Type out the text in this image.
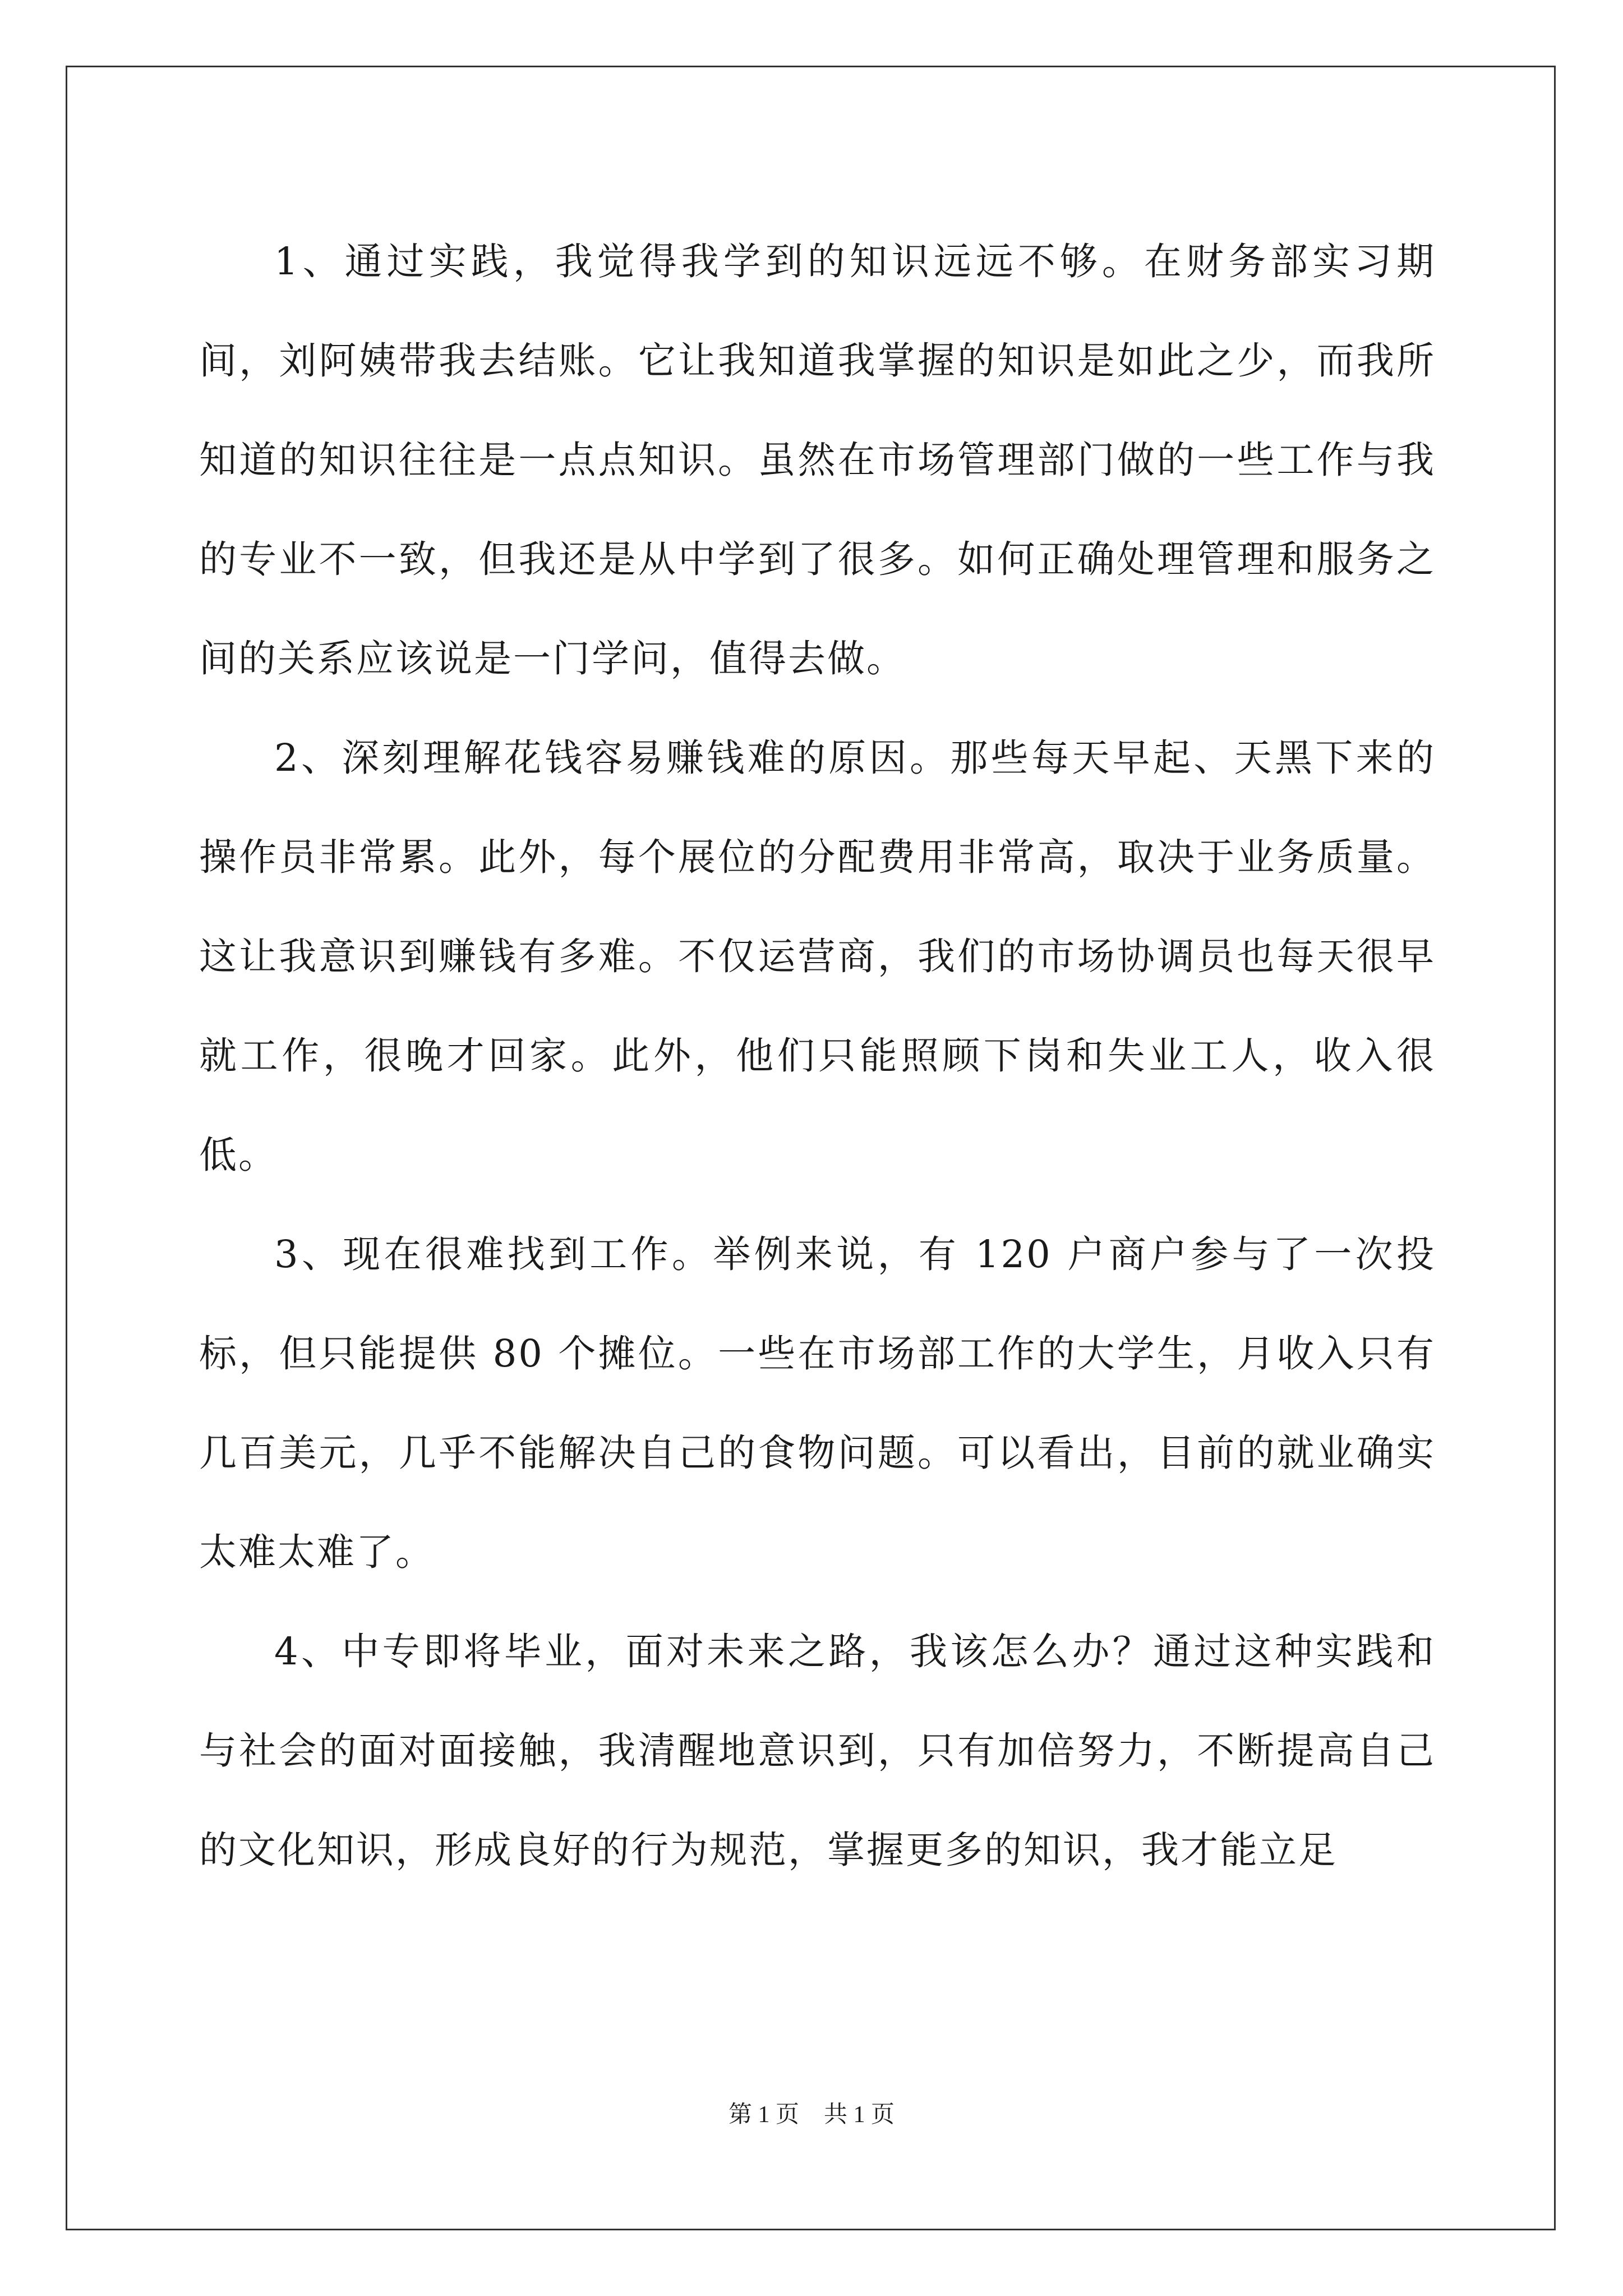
1、通过实践，我觉得我学到的知识远远不够。在财务部实习期间，刘阿姨带我去结账。它让我知道我掌握的知识是如此之少，而我所知道的知识往往是一点点知识。虽然在市场管理部门做的一些工作与我的专业不一致，但我还是从中学到了很多。如何正确处理管理和服务之间的关系应该说是一门学问，值得去做。

2、深刻理解花钱容易赚钱难的原因。那些每天早起、天黑下来的操作员非常累。此外，每个展位的分配费用非常高，取决于业务质量。这让我意识到赚钱有多难。不仅运营商，我们的市场协调员也每天很早就工作，很晚才回家。此外，他们只能照顾下岗和失业工人，收入很低。

3、现在很难找到工作。举例来说，有 120 户商户参与了一次投标，但只能提供 80 个摊位。一些在市场部工作的大学生，月收入只有几百美元，几乎不能解决自己的食物问题。可以看出，目前的就业确实太难太难了。

4、中专即将毕业，面对未来之路，我该怎么办？通过这种实践和与社会的面对面接触，我清醒地意识到，只有加倍努力，不断提高自己的文化知识，形成良好的行为规范，掌握更多的知识，我才能立足

第 1 页 共 1 页
